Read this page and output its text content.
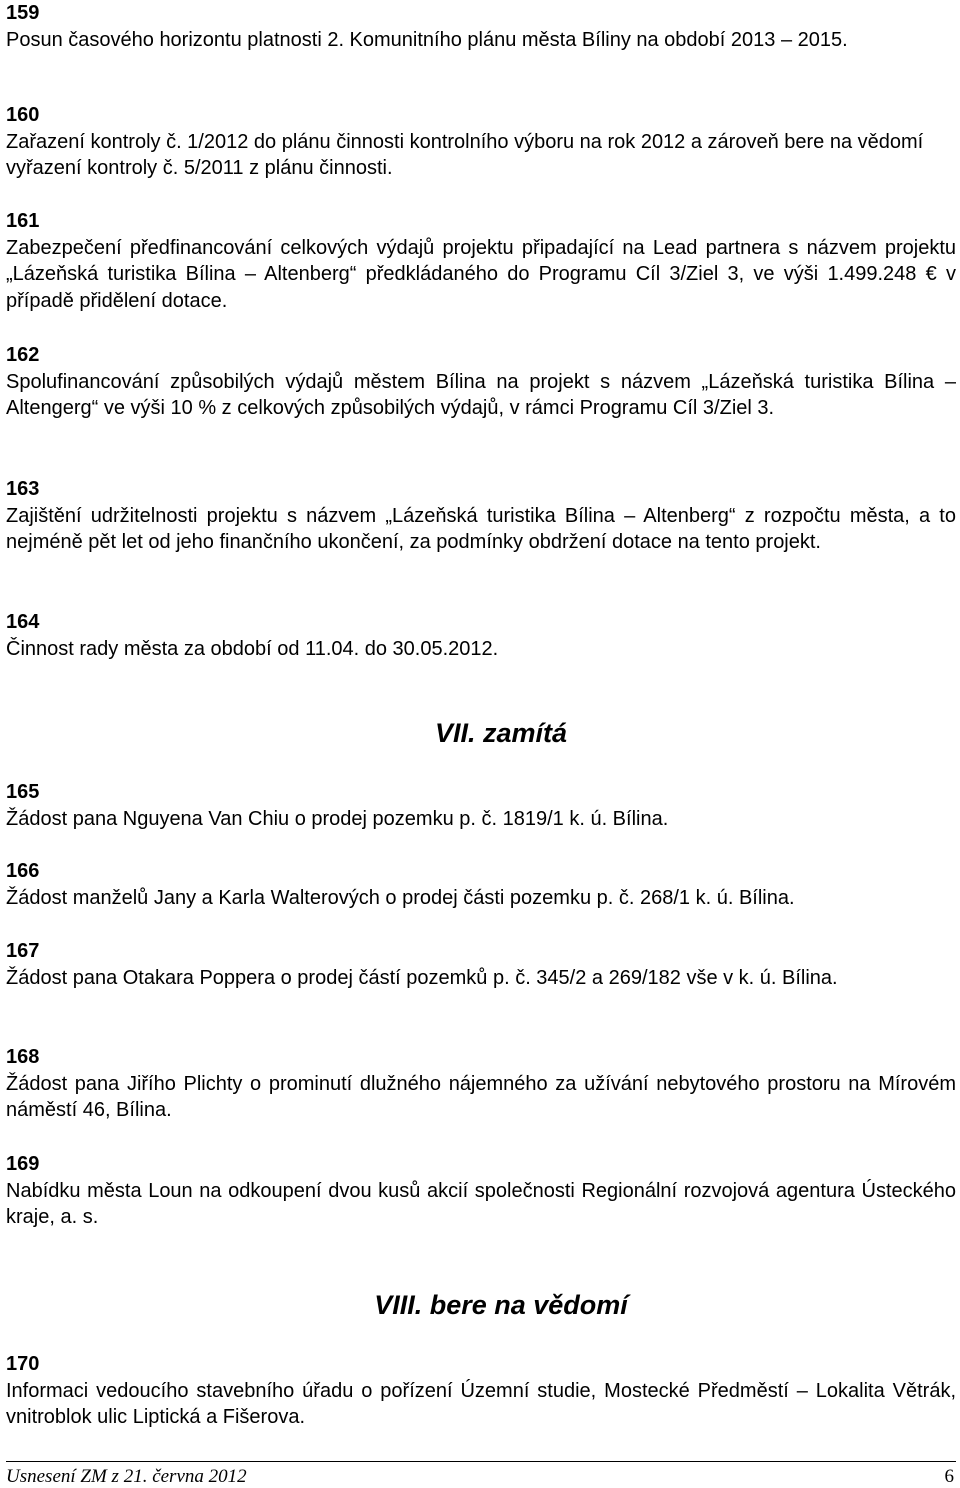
159
Posun časového horizontu platnosti 2. Komunitního plánu města Bíliny na období 2013 – 2015.
160
Zařazení kontroly č. 1/2012 do plánu činnosti kontrolního výboru na rok 2012 a zároveň bere na vědomí vyřazení kontroly č. 5/2011 z plánu činnosti.
161
Zabezpečení předfinancování celkových výdajů projektu připadající na Lead partnera s názvem projektu „Lázeňská turistika Bílina – Altenberg“ předkládaného do Programu Cíl 3/Ziel 3, ve výši 1.499.248 € v případě přidělení dotace.
162
Spolufinancování způsobilých výdajů městem Bílina na projekt s názvem „Lázeňská turistika Bílina – Altengerg“ ve výši 10 % z celkových způsobilých výdajů, v rámci Programu Cíl 3/Ziel 3.
163
Zajištění udržitelnosti projektu s názvem „Lázeňská turistika Bílina – Altenberg“ z rozpočtu města, a to nejméně pět let od jeho finančního ukončení, za podmínky obdržení dotace na tento projekt.
164
Činnost rady města za období od 11.04. do 30.05.2012.
VII. zamítá
165
Žádost pana Nguyena Van Chiu o prodej pozemku p. č. 1819/1 k. ú. Bílina.
166
Žádost manželů Jany a Karla Walterových o prodej části pozemku p. č. 268/1 k. ú. Bílina.
167
Žádost pana Otakara Poppera o prodej částí pozemků p. č. 345/2 a 269/182 vše v k. ú. Bílina.
168
Žádost pana Jiřího Plichty o prominutí dlužného nájemného za užívání nebytového prostoru na Mírovém náměstí 46, Bílina.
169
Nabídku města Loun na odkoupení dvou kusů akcií společnosti Regionální rozvojová agentura Ústeckého kraje, a. s.
VIII. bere na vědomí
170
Informaci vedoucího stavebního úřadu o pořízení Územní studie, Mostecké Předměstí – Lokalita Větrák, vnitroblok ulic Liptická a Fišerova.
Usnesení ZM z 21. června 2012	6
